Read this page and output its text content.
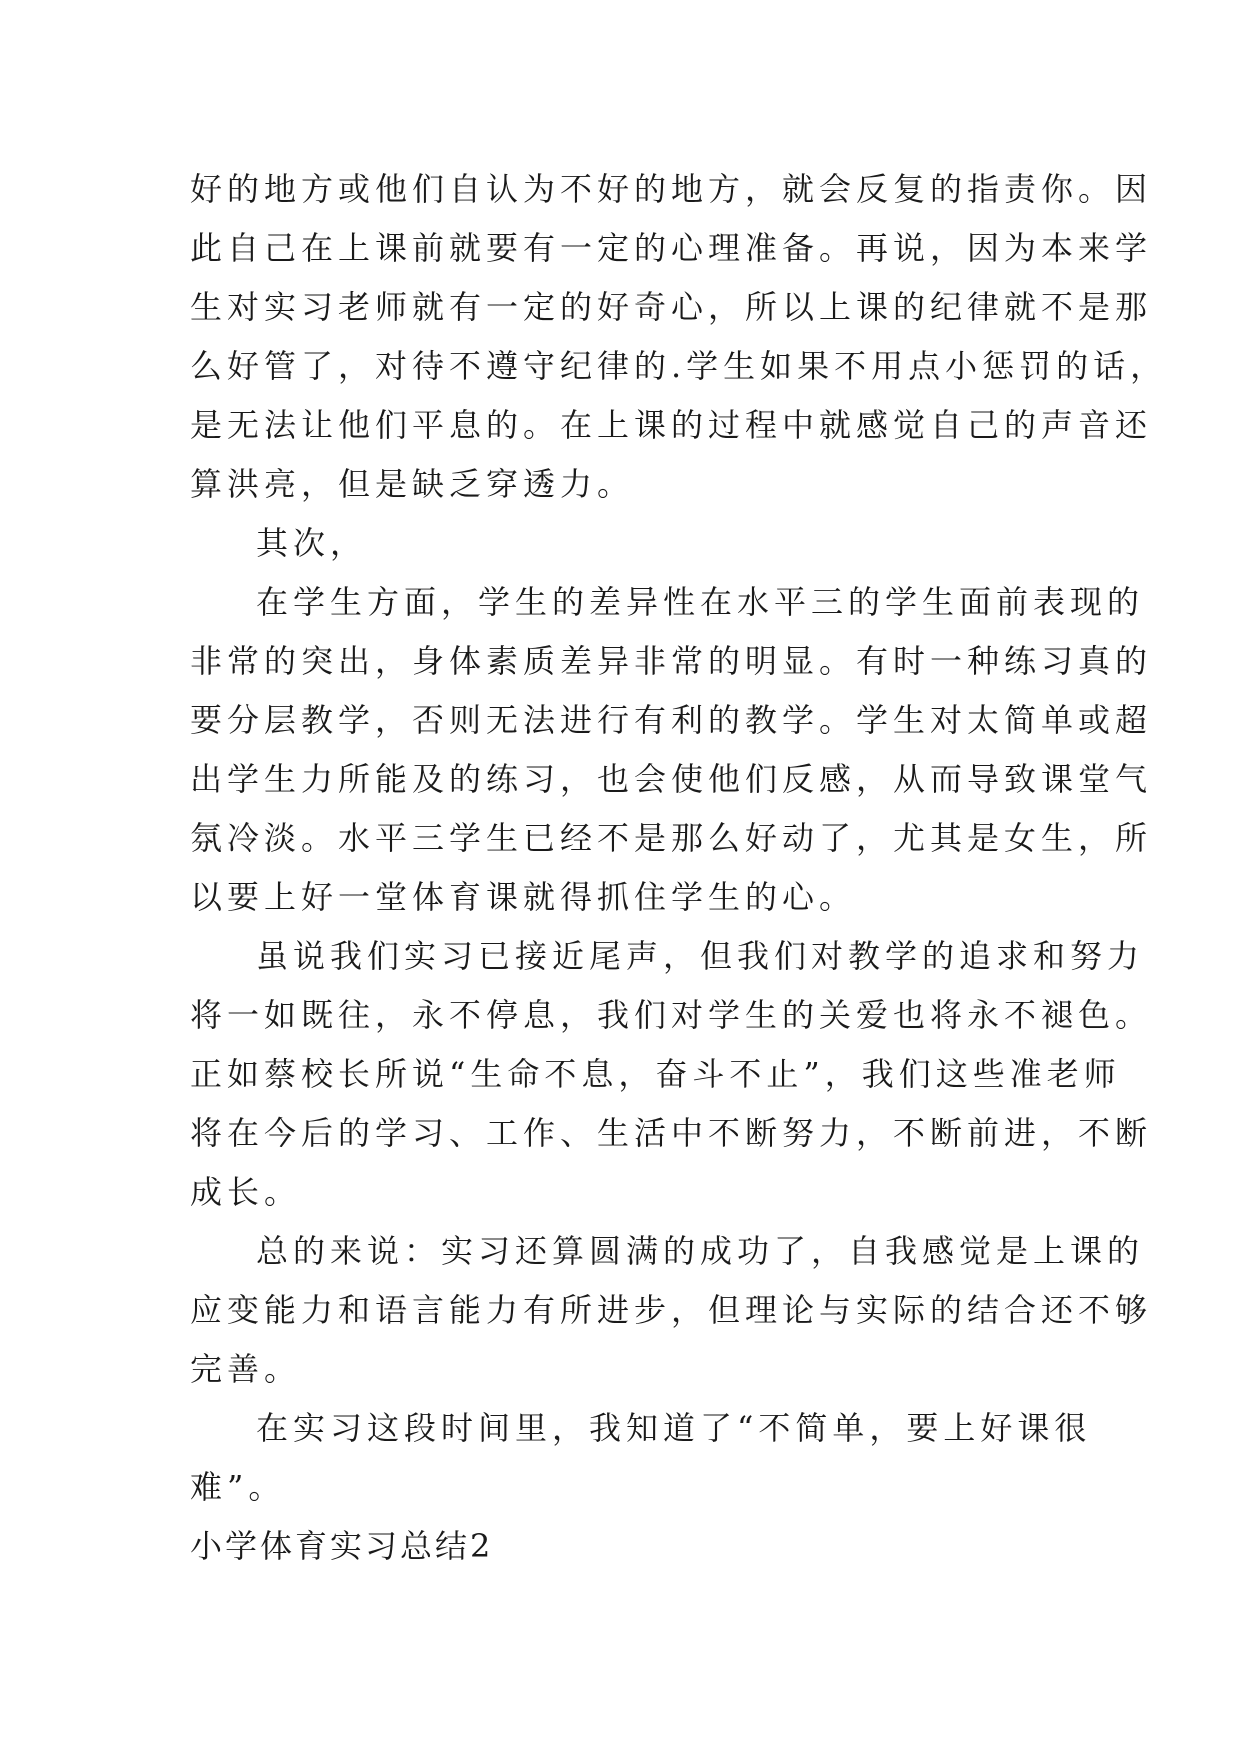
好的地方或他们自认为不好的地方，就会反复的指责你。因
此自己在上课前就要有一定的心理准备。再说，因为本来学
生对实习老师就有一定的好奇心，所以上课的纪律就不是那
么好管了，对待不遵守纪律的.学生如果不用点小惩罚的话，
是无法让他们平息的。在上课的过程中就感觉自己的声音还
算洪亮，但是缺乏穿透力。
其次，
在学生方面，学生的差异性在水平三的学生面前表现的
非常的突出，身体素质差异非常的明显。有时一种练习真的
要分层教学，否则无法进行有利的教学。学生对太简单或超
出学生力所能及的练习，也会使他们反感，从而导致课堂气
氛冷淡。水平三学生已经不是那么好动了，尤其是女生，所
以要上好一堂体育课就得抓住学生的心。
虽说我们实习已接近尾声，但我们对教学的追求和努力
将一如既往，永不停息，我们对学生的关爱也将永不褪色。
正如蔡校长所说“生命不息，奋斗不止”，我们这些准老师
将在今后的学习、工作、生活中不断努力，不断前进，不断
成长。
总的来说：实习还算圆满的成功了，自我感觉是上课的
应变能力和语言能力有所进步，但理论与实际的结合还不够
完善。
在实习这段时间里，我知道了“不简单，要上好课很
难”。
小学体育实习总结2
